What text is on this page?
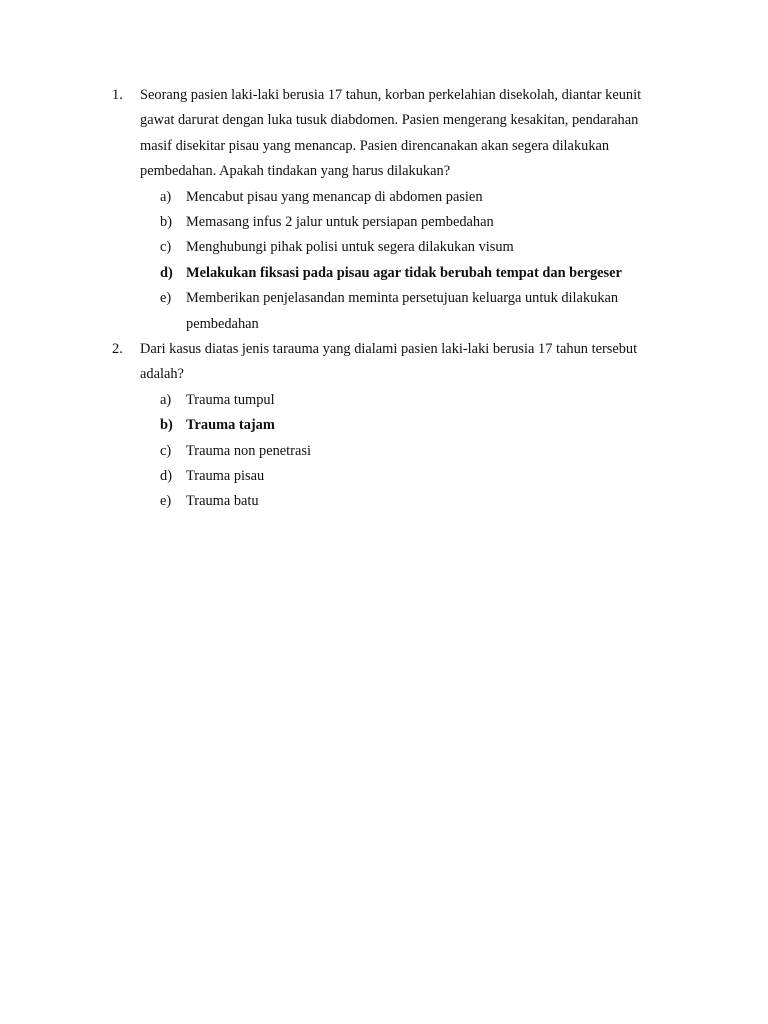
1. Seorang pasien laki-laki berusia 17 tahun, korban perkelahian disekolah, diantar keunit gawat darurat dengan luka tusuk diabdomen. Pasien mengerang kesakitan, pendarahan masif disekitar pisau yang menancap. Pasien direncanakan akan segera dilakukan pembedahan. Apakah tindakan yang harus dilakukan?
a) Mencabut pisau yang menancap di abdomen pasien
b) Memasang infus 2 jalur untuk persiapan pembedahan
c) Menghubungi pihak polisi untuk segera dilakukan visum
d) Melakukan fiksasi pada pisau agar tidak berubah tempat dan bergeser
e) Memberikan penjelasandan meminta persetujuan keluarga untuk dilakukan pembedahan
2. Dari kasus diatas jenis tarauma yang dialami pasien laki-laki berusia 17 tahun tersebut adalah?
a) Trauma tumpul
b) Trauma tajam
c) Trauma non penetrasi
d) Trauma pisau
e) Trauma batu
